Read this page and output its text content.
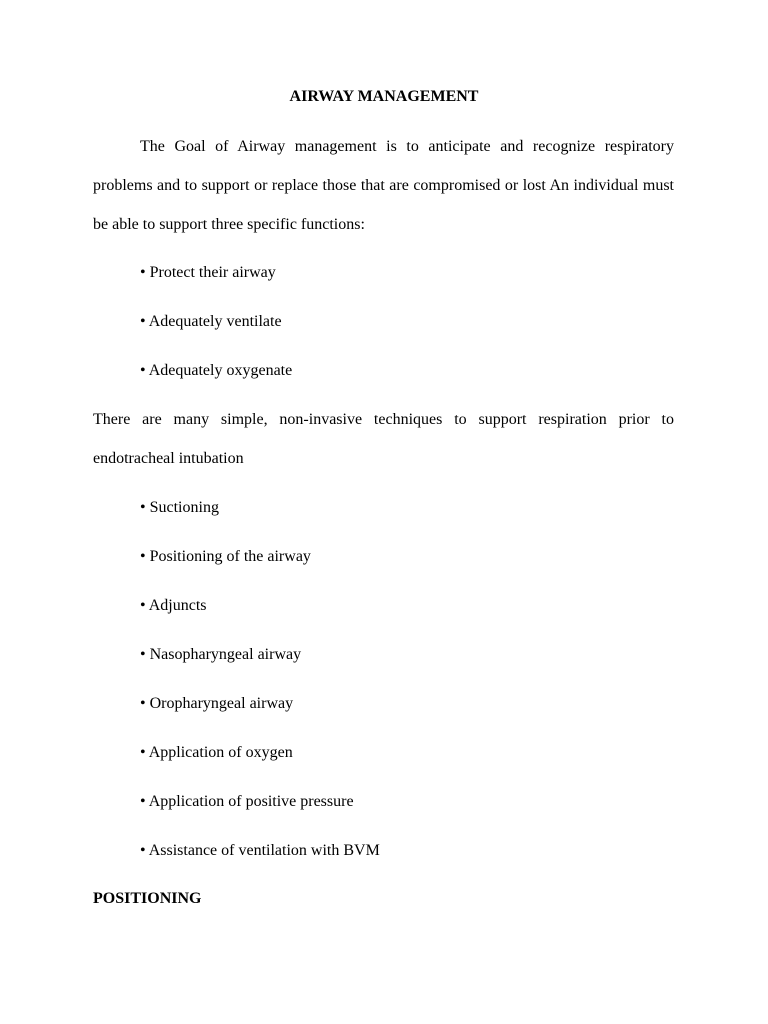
AIRWAY MANAGEMENT
The Goal of Airway management is to anticipate and recognize respiratory problems and to support or replace those that are compromised or lost An individual must be able to support three specific functions:
• Protect their airway
• Adequately ventilate
• Adequately oxygenate
There are many simple, non-invasive techniques to support respiration prior to endotracheal intubation
• Suctioning
• Positioning of the airway
• Adjuncts
• Nasopharyngeal airway
• Oropharyngeal airway
• Application of oxygen
• Application of positive pressure
• Assistance of ventilation with BVM
POSITIONING
